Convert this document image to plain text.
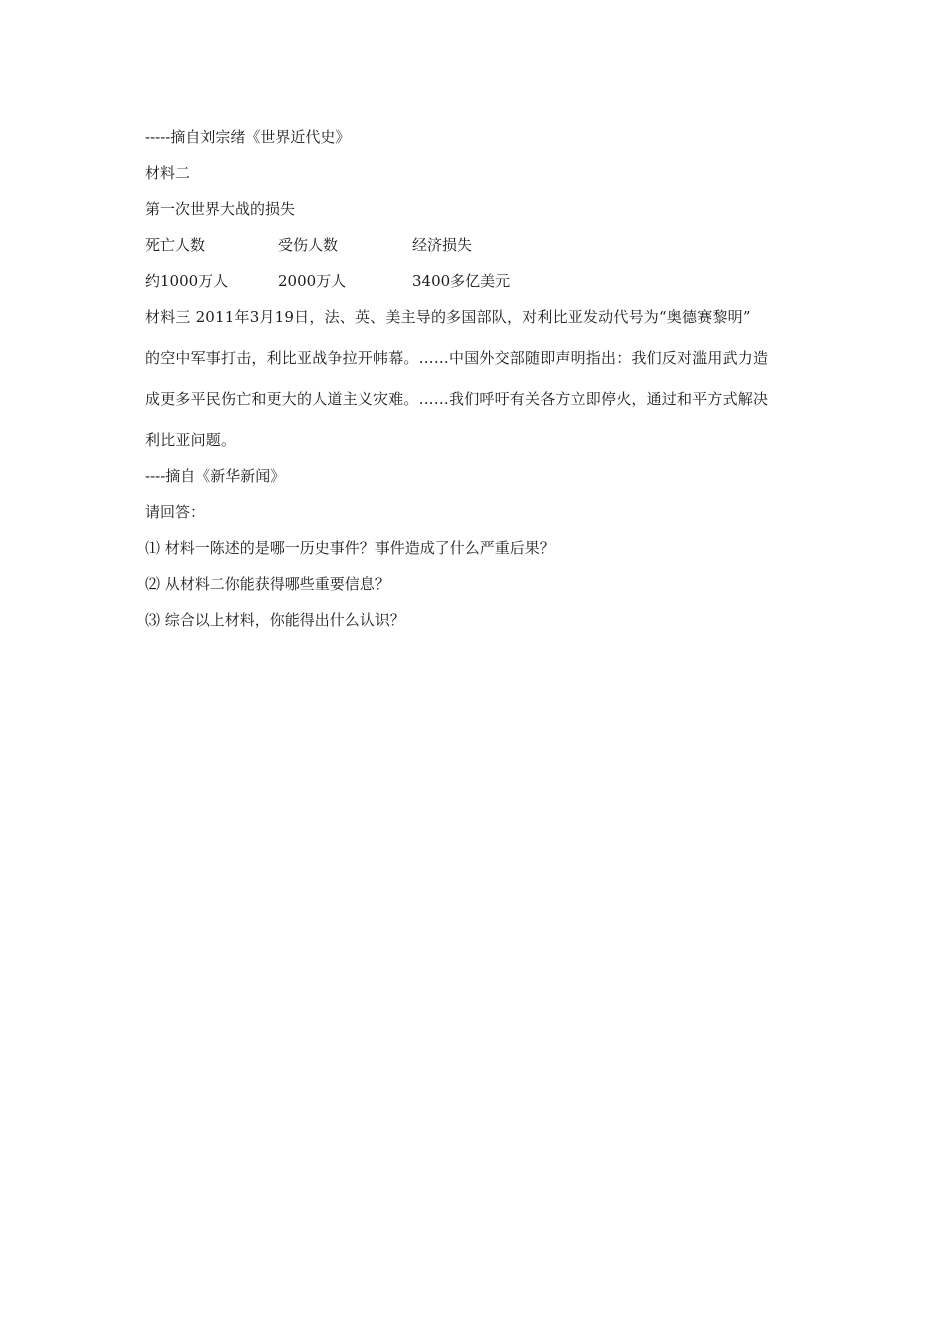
-----摘自刘宗绪《世界近代史》
材料二
第一次世界大战的损失
死亡人数	受伤人数	经济损失
约1000万人	2000万人	3400多亿美元
材料三 2011年3月19日，法、英、美主导的多国部队，对利比亚发动代号为“奥德赛黎明”
的空中军事打击，利比亚战争拉开帏幕。……中国外交部随即声明指出：我们反对滥用武力造
成更多平民伤亡和更大的人道主义灾难。……我们呼吁有关各方立即停火，通过和平方式解决
利比亚问题。
----摘自《新华新闻》
请回答：
⑴ 材料一陈述的是哪一历史事件？事件造成了什么严重后果？
⑵ 从材料二你能获得哪些重要信息？
⑶ 综合以上材料，你能得出什么认识？
